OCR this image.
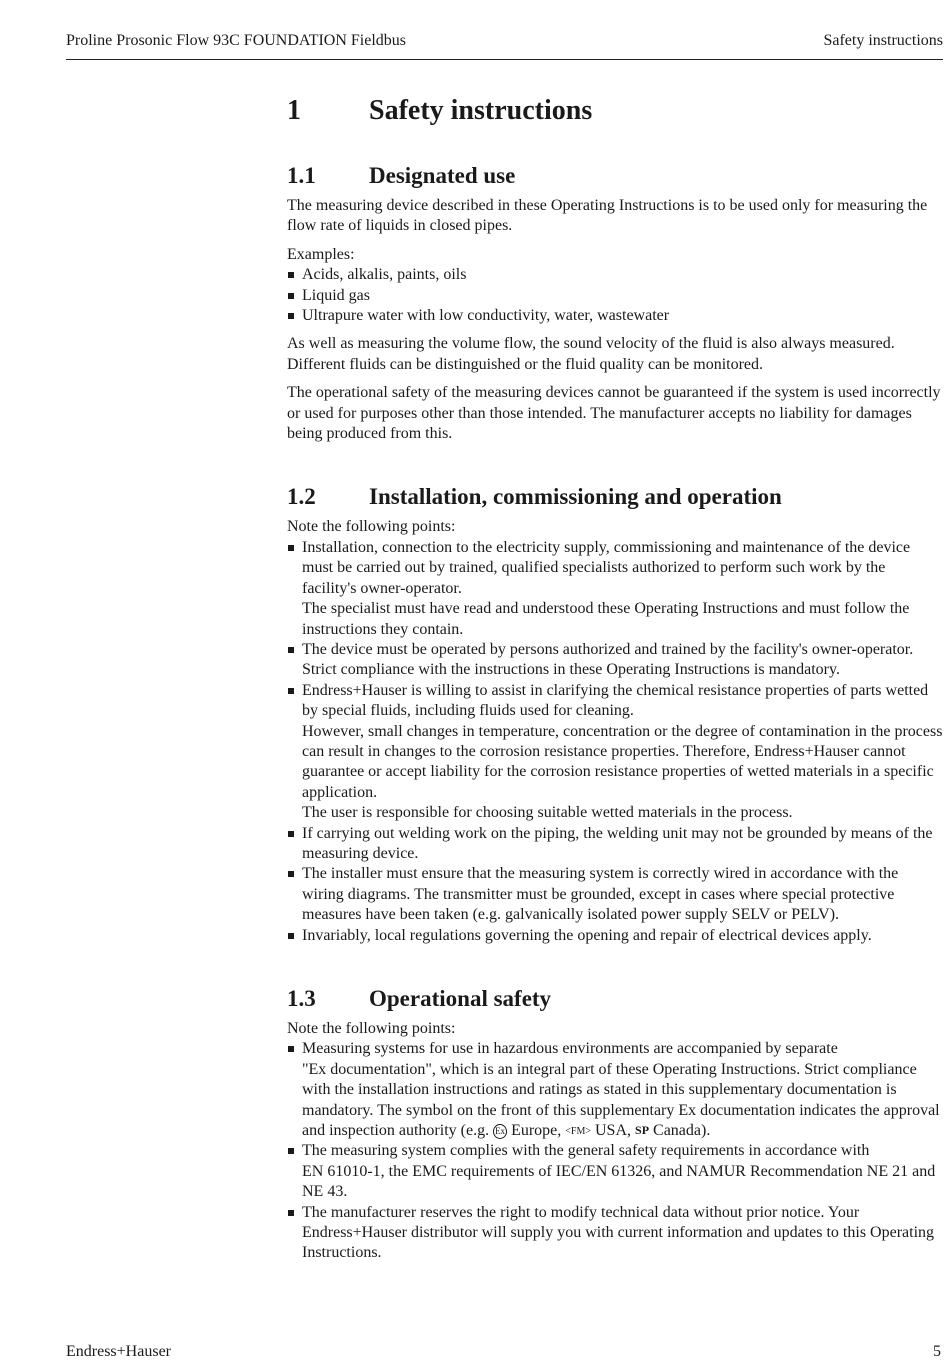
Proline Prosonic Flow 93C FOUNDATION Fieldbus	Safety instructions
1 Safety instructions
1.1 Designated use

The measuring device described in these Operating Instructions is to be used only for measuring the flow rate of liquids in closed pipes.

Examples:

Acids, alkalis, paints, oils
Liquid gas
Ultrapure water with low conductivity, water, wastewater

As well as measuring the volume flow, the sound velocity of the fluid is also always measured. Different fluids can be distinguished or the fluid quality can be monitored.

The operational safety of the measuring devices cannot be guaranteed if the system is used incorrectly or used for purposes other than those intended. The manufacturer accepts no liability for damages being produced from this.

1.2 Installation, commissioning and operation

Note the following points:

Installation, connection to the electricity supply, commissioning and maintenance of the device must be carried out by trained, qualified specialists authorized to perform such work by the facility's owner-operator.
The specialist must have read and understood these Operating Instructions and must follow the instructions they contain.
The device must be operated by persons authorized and trained by the facility's owner-operator. Strict compliance with the instructions in these Operating Instructions is mandatory.
Endress+Hauser is willing to assist in clarifying the chemical resistance properties of parts wetted by special fluids, including fluids used for cleaning.
However, small changes in temperature, concentration or the degree of contamination in the process can result in changes to the corrosion resistance properties. Therefore, Endress+Hauser cannot guarantee or accept liability for the corrosion resistance properties of wetted materials in a specific application.
The user is responsible for choosing suitable wetted materials in the process.
If carrying out welding work on the piping, the welding unit may not be grounded by means of the measuring device.
The installer must ensure that the measuring system is correctly wired in accordance with the wiring diagrams. The transmitter must be grounded, except in cases where special protective measures have been taken (e.g. galvanically isolated power supply SELV or PELV).
Invariably, local regulations governing the opening and repair of electrical devices apply.
1.3 Operational safety

Note the following points:

Measuring systems for use in hazardous environments are accompanied by separate
"Ex documentation", which is an integral part of these Operating Instructions. Strict compliance with the installation instructions and ratings as stated in this supplementary documentation is mandatory. The symbol on the front of this supplementary Ex documentation indicates the approval and inspection authority (e.g. Ex Europe, <FM> USA, SP Canada).
The measuring system complies with the general safety requirements in accordance with
EN 61010-1, the EMC requirements of IEC/EN 61326, and NAMUR Recommendation NE 21 and NE 43.
The manufacturer reserves the right to modify technical data without prior notice. Your Endress+Hauser distributor will supply you with current information and updates to this Operating Instructions.
Endress+Hauser	5
